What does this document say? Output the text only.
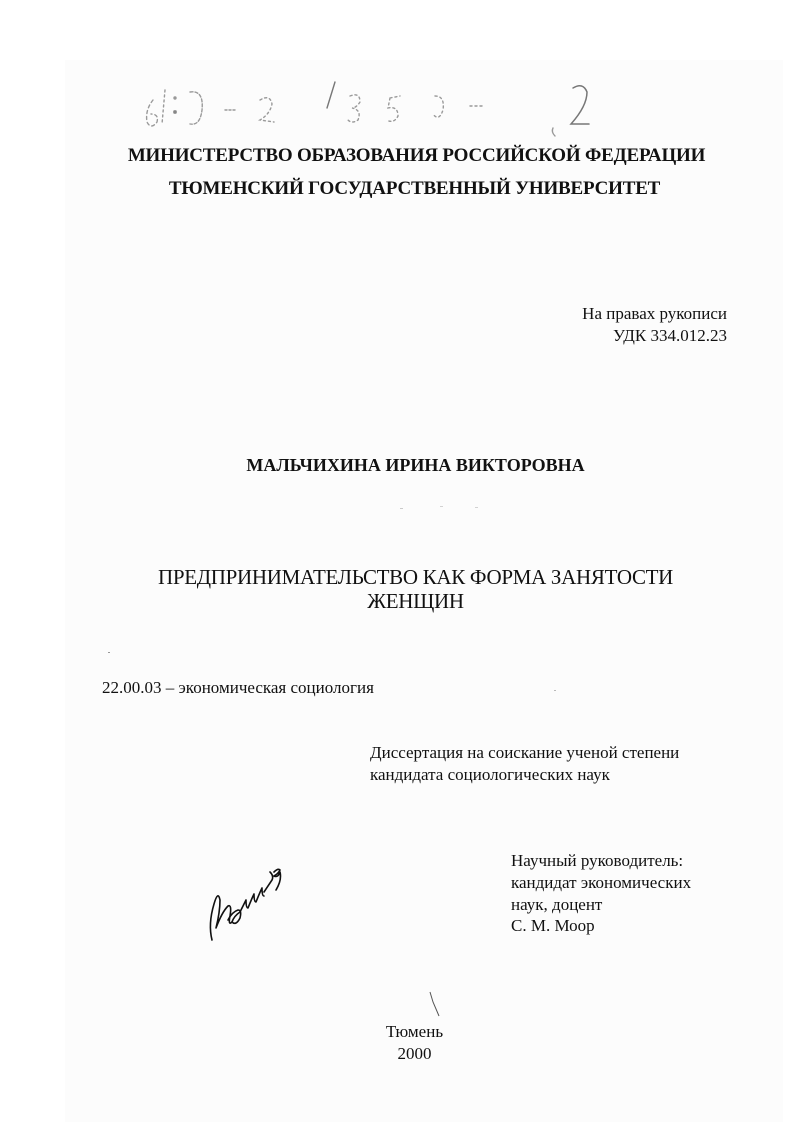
МИНИСТЕРСТВО ОБРАЗОВАНИЯ РОССИЙСКОЙ ФЕДЕРАЦИИ
ТЮМЕНСКИЙ ГОСУДАРСТВЕННЫЙ УНИВЕРСИТЕТ
На правах рукописи
УДК 334.012.23
МАЛЬЧИХИНА ИРИНА ВИКТОРОВНА
ПРЕДПРИНИМАТЕЛЬСТВО КАК ФОРМА ЗАНЯТОСТИ
ЖЕНЩИН
22.00.03 – экономическая социология
Диссертация на соискание ученой степени
кандидата социологических наук
Научный руководитель:
кандидат экономических
наук, доцент
С. М. Моор
Тюмень
2000
